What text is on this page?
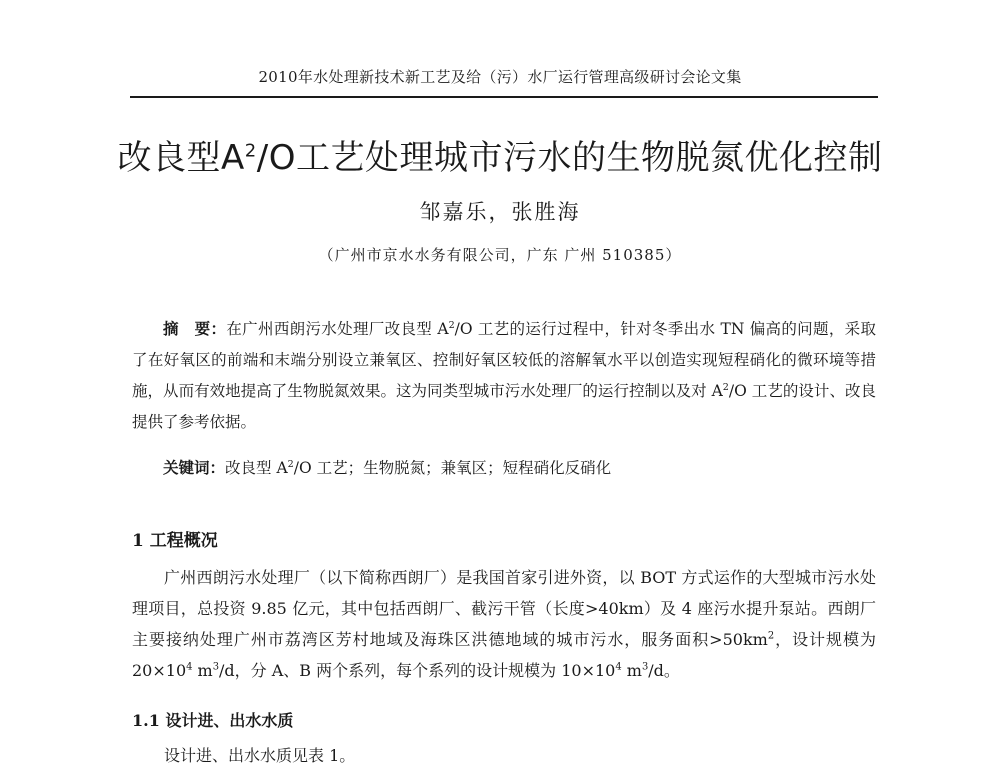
2010年水处理新技术新工艺及给（污）水厂运行管理高级研讨会论文集
改良型$A^2/O$工艺处理城市污水的生物脱氮优化控制
邹嘉乐，张胜海
（广州市京水水务有限公司，广东 广州 510385）

摘　要：在广州西朗污水处理厂改良型 $A^2/O$ 工艺的运行过程中，针对冬季出水 TN 偏高的问题，采取了在好氧区的前端和末端分别设立兼氧区、控制好氧区较低的溶解氧水平以创造实现短程硝化的微环境等措施，从而有效地提高了生物脱氮效果。这为同类型城市污水处理厂的运行控制以及对 $A^2/O$ 工艺的设计、改良提供了参考依据。

关键词：改良型 $A^2/O$ 工艺；生物脱氮；兼氧区；短程硝化反硝化

1 工程概况

广州西朗污水处理厂（以下简称西朗厂）是我国首家引进外资，以 BOT 方式运作的大型城市污水处理项目，总投资 9.85 亿元，其中包括西朗厂、截污干管（长度>40km）及 4 座污水提升泵站。西朗厂主要接纳处理广州市荔湾区芳村地域及海珠区洪德地域的城市污水，服务面积$>50km^2$，设计规模为 $20\times 10^4$ $m^3/d$，分 A、B 两个系列，每个系列的设计规模为 $10\times 10^4$ $m^3/d$。

1.1 设计进、出水水质

设计进、出水水质见表 1。
